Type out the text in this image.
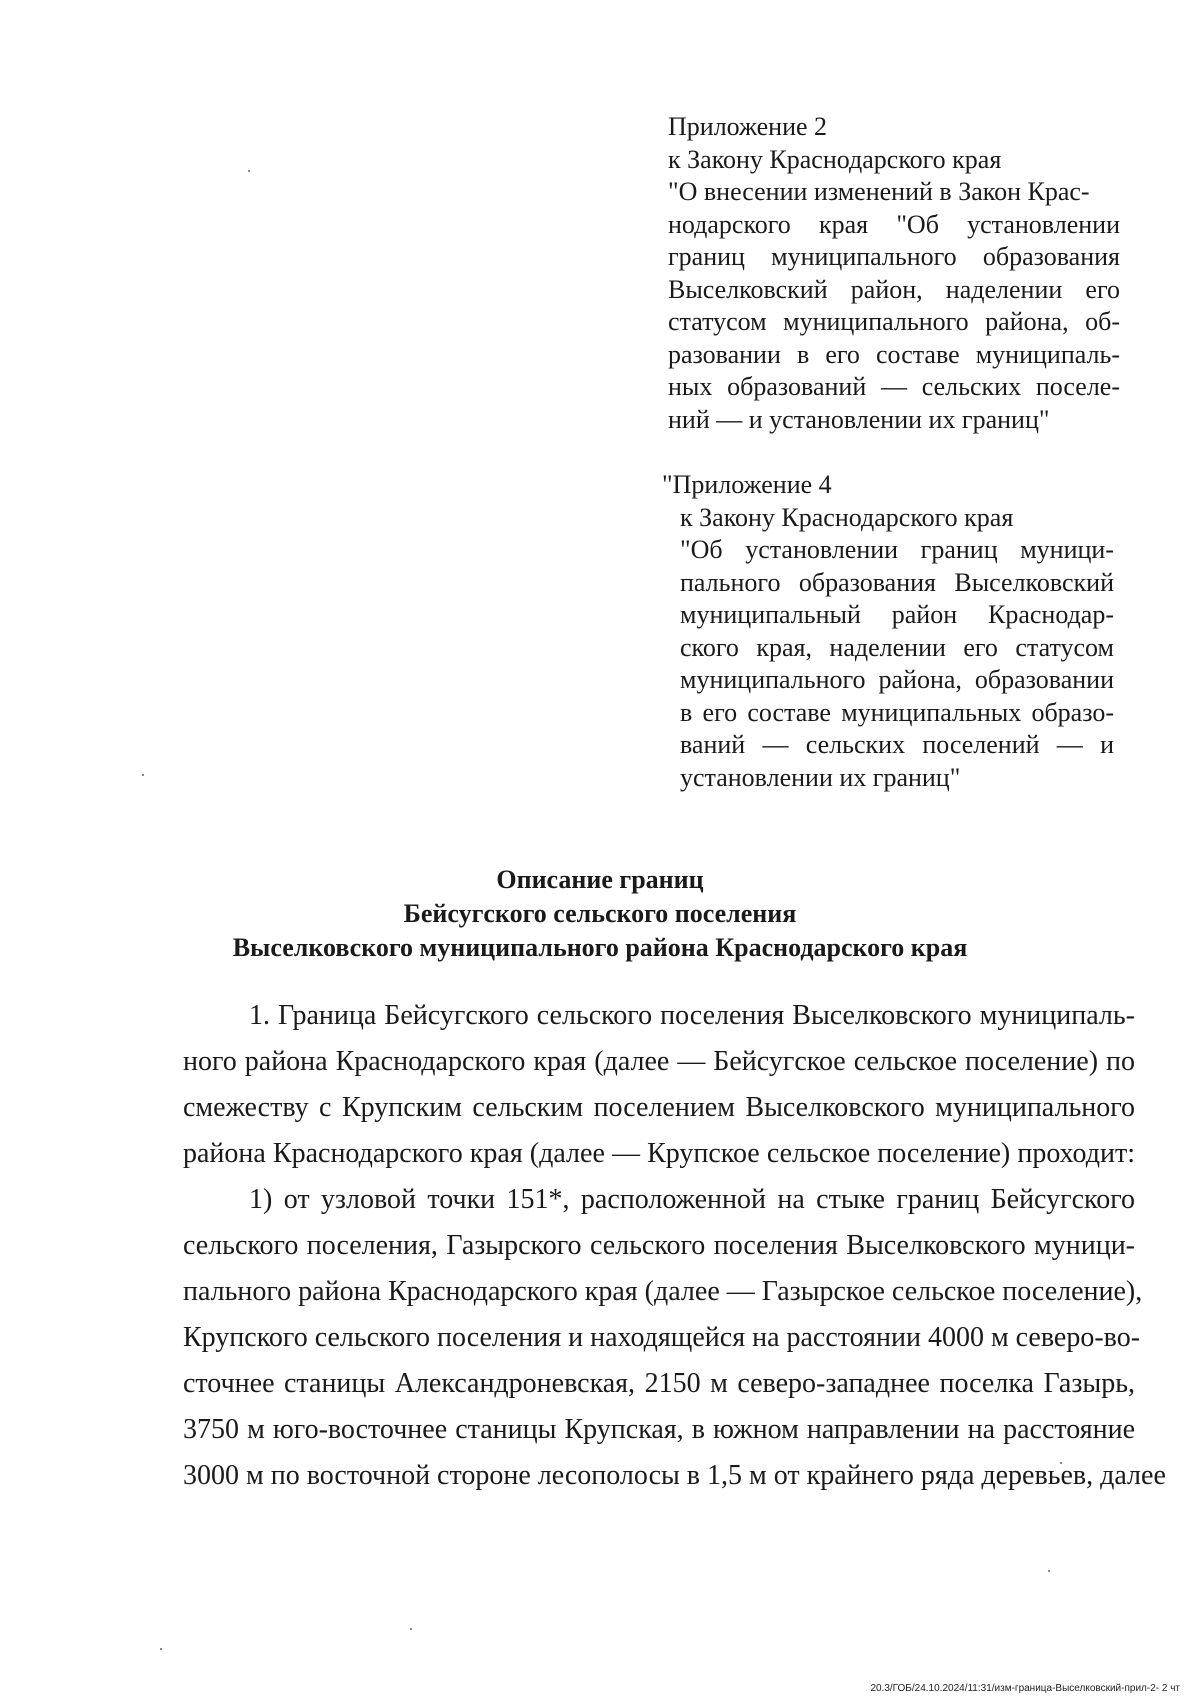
Приложение 2
к Закону Краснодарского края
"О внесении изменений в Закон Крас-
нодарского края "Об установлении
границ муниципального образования
Выселковский район, наделении его
статусом муниципального района, об-
разовании в его составе муниципаль-
ных образований — сельских поселе-
ний — и установлении их границ"
"Приложение 4
к Закону Краснодарского края
"Об установлении границ муници-
пального образования Выселковский
муниципальный район Краснодар-
ского края, наделении его статусом
муниципального района, образовании
в его составе муниципальных образо-
ваний — сельских поселений — и
установлении их границ"
Описание границ
Бейсугского сельского поселения
Выселковского муниципального района Краснодарского края
1. Граница Бейсугского сельского поселения Выселковского муниципаль-
ного района Краснодарского края (далее — Бейсугское сельское поселение) по
смежеству с Крупским сельским поселением Выселковского муниципального
района Краснодарского края (далее — Крупское сельское поселение) проходит:
1) от узловой точки 151*, расположенной на стыке границ Бейсугского
сельского поселения, Газырского сельского поселения Выселковского муници-
пального района Краснодарского края (далее — Газырское сельское поселение),
Крупского сельского поселения и находящейся на расстоянии 4000 м северо-во-
сточнее станицы Александроневская, 2150 м северо-западнее поселка Газырь,
3750 м юго-восточнее станицы Крупская, в южном направлении на расстояние
3000 м по восточной стороне лесополосы в 1,5 м от крайнего ряда деревьев, далее
20.3/ГОБ/24.10.2024/11:31/изм-граница-Выселковский-прил-2- 2 чт
